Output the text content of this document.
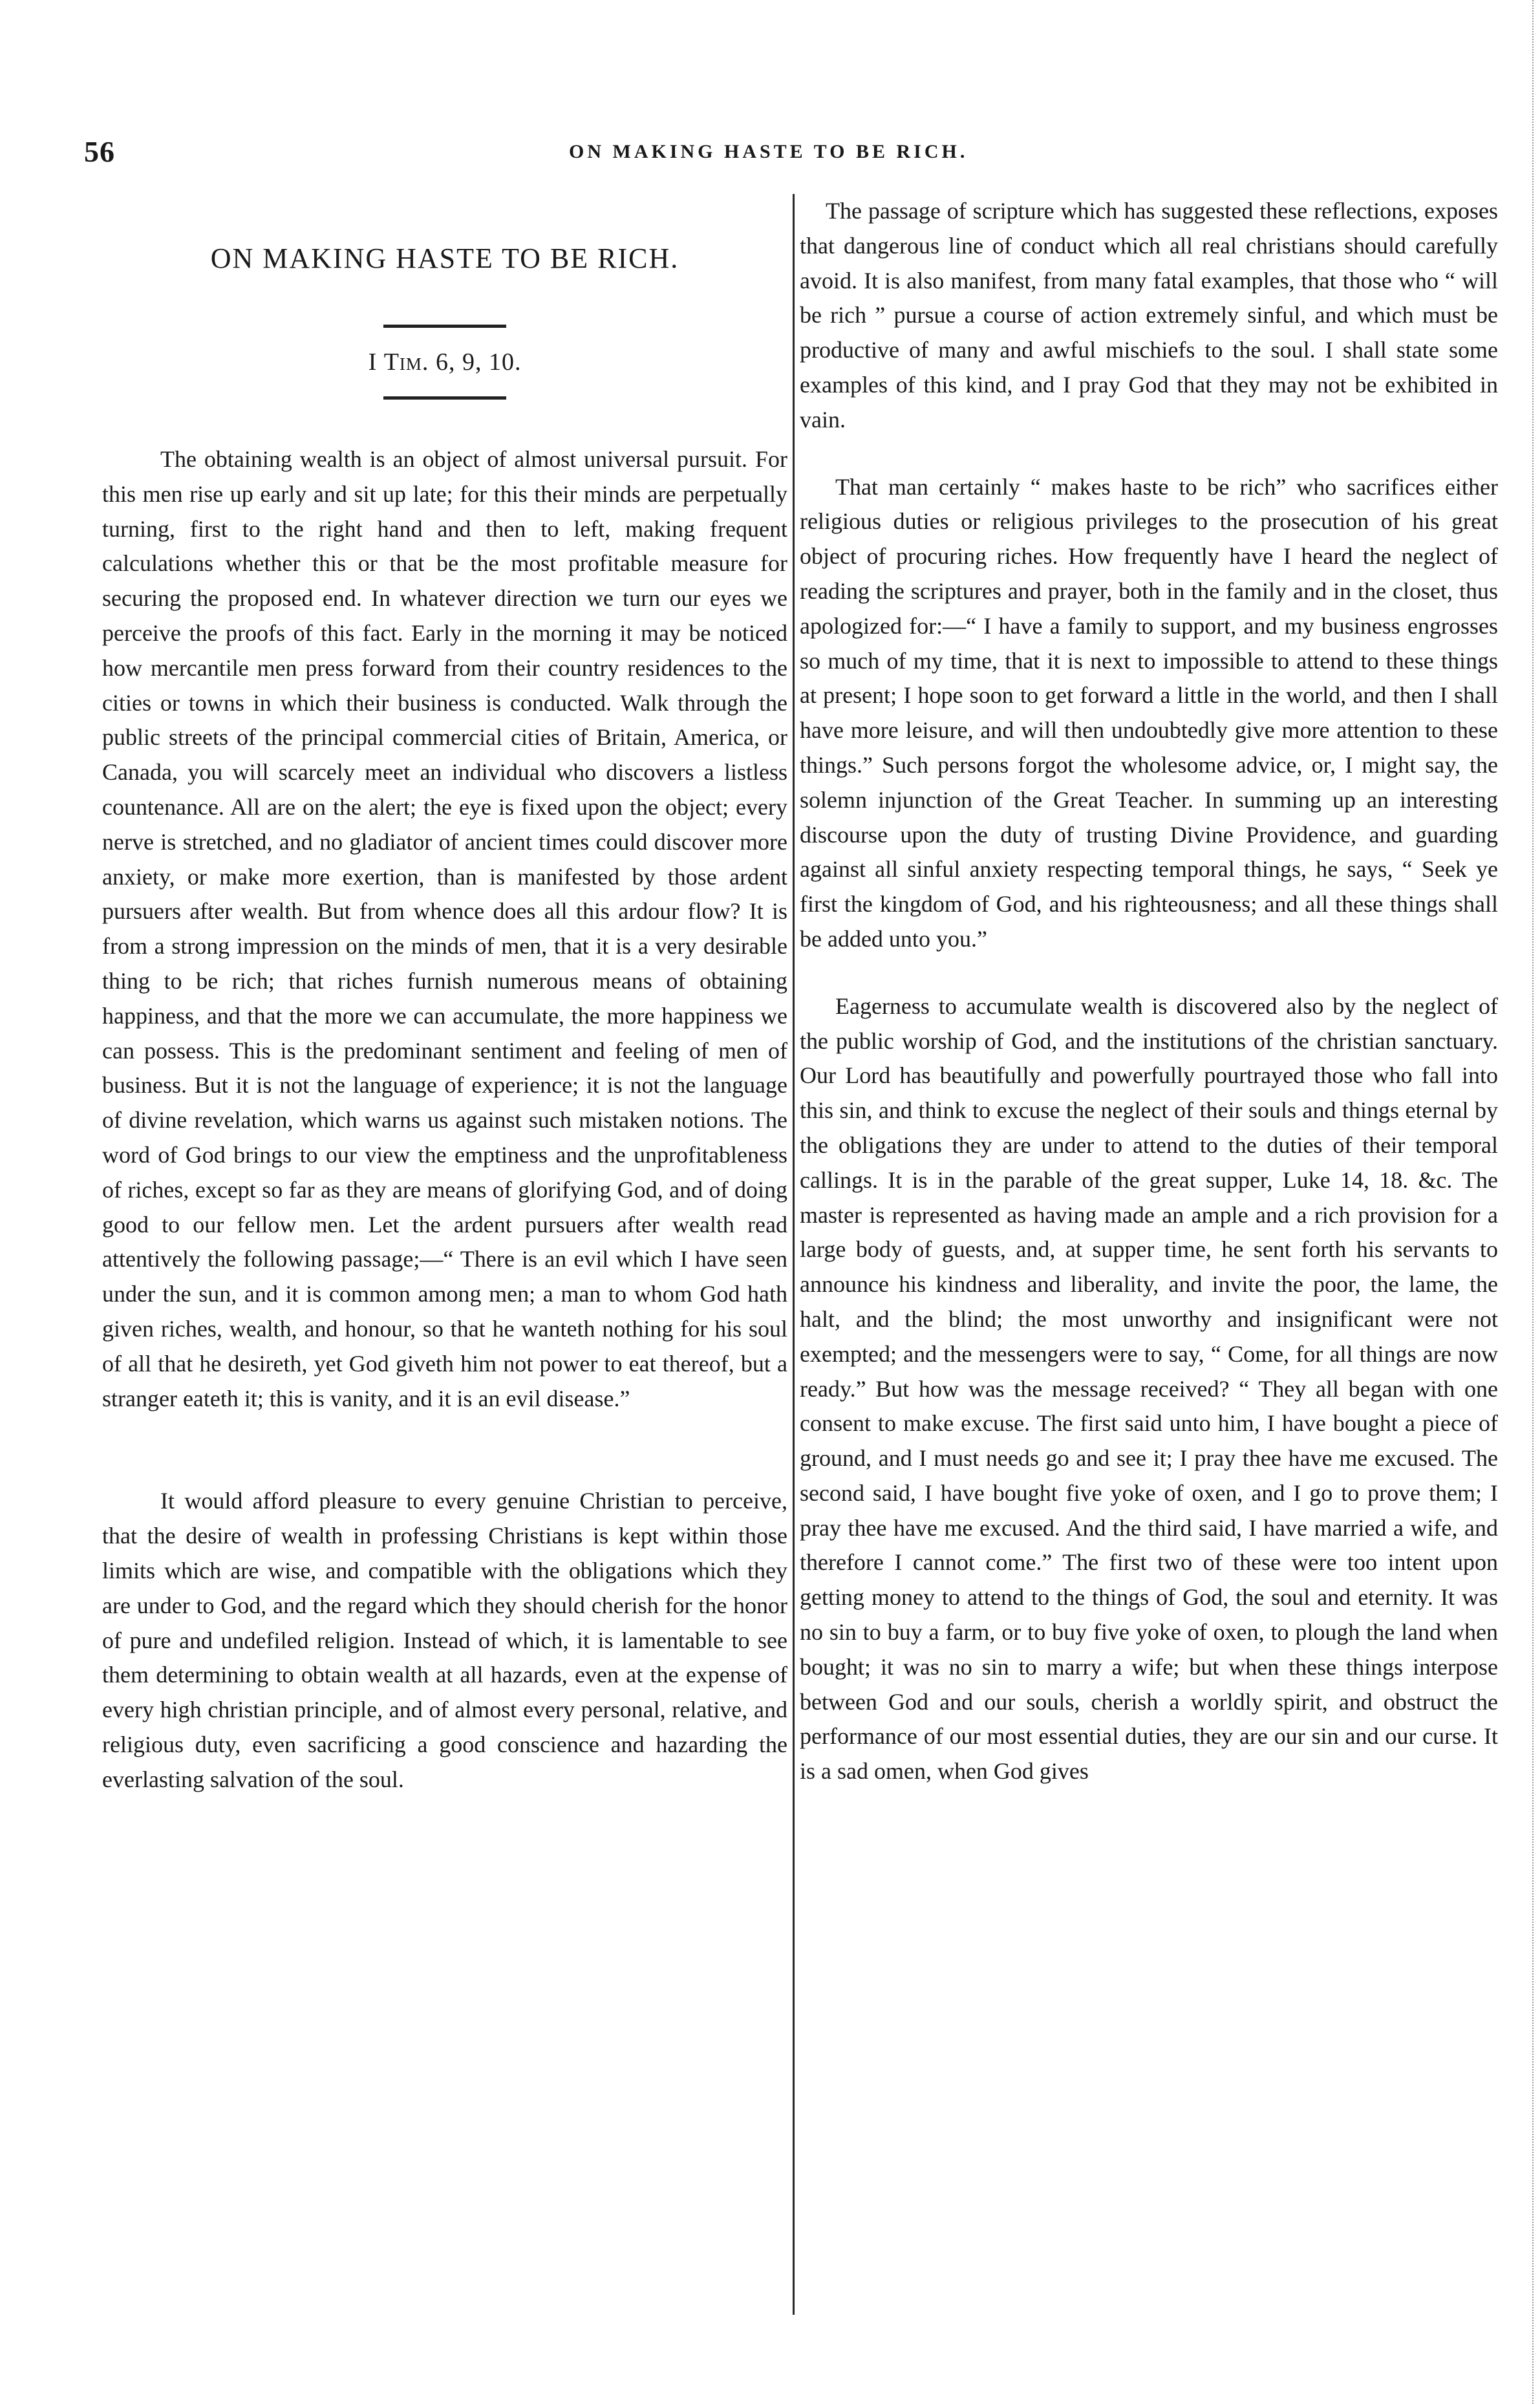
56	ON MAKING HASTE TO BE RICH.
ON MAKING HASTE TO BE RICH.
I Tim. 6, 9, 10.

The obtaining wealth is an object of almost universal pursuit. For this men rise up early and sit up late; for this their minds are perpetually turning, first to the right hand and then to left, making frequent calculations whether this or that be the most profitable measure for securing the proposed end. In whatever direction we turn our eyes we perceive the proofs of this fact. Early in the morning it may be noticed how mercantile men press forward from their country residences to the cities or towns in which their business is conducted. Walk through the public streets of the principal commercial cities of Britain, America, or Canada, you will scarcely meet an individual who discovers a listless countenance. All are on the alert; the eye is fixed upon the object; every nerve is stretched, and no gladiator of ancient times could discover more anxiety, or make more exertion, than is manifested by those ardent pursuers after wealth. But from whence does all this ardour flow? It is from a strong impression on the minds of men, that it is a very desirable thing to be rich; that riches furnish numerous means of obtaining happiness, and that the more we can accumulate, the more happiness we can possess. This is the predominant sentiment and feeling of men of business. But it is not the language of experience; it is not the language of divine revelation, which warns us against such mistaken notions. The word of God brings to our view the emptiness and the unprofitableness of riches, except so far as they are means of glorifying God, and of doing good to our fellow men. Let the ardent pursuers after wealth read attentively the following passage;—“ There is an evil which I have seen under the sun, and it is common among men; a man to whom God hath given riches, wealth, and honour, so that he wanteth nothing for his soul of all that he desireth, yet God giveth him not power to eat thereof, but a stranger eateth it; this is vanity, and it is an evil disease.”

It would afford pleasure to every genuine Christian to perceive, that the desire of wealth in professing Christians is kept within those limits which are wise, and compatible with the obligations which they are under to God, and the regard which they should cherish for the honor of pure and undefiled religion. Instead of which, it is lamentable to see them determining to obtain wealth at all hazards, even at the expense of every high christian principle, and of almost every personal, relative, and religious duty, even sacrificing a good conscience and hazarding the everlasting salvation of the soul.

The passage of scripture which has suggested these reflections, exposes that dangerous line of conduct which all real christians should carefully avoid. It is also manifest, from many fatal examples, that those who “ will be rich ” pursue a course of action extremely sinful, and which must be productive of many and awful mischiefs to the soul. I shall state some examples of this kind, and I pray God that they may not be exhibited in vain.

That man certainly “ makes haste to be rich” who sacrifices either religious duties or religious privileges to the prosecution of his great object of procuring riches. How frequently have I heard the neglect of reading the scriptures and prayer, both in the family and in the closet, thus apologized for:—“ I have a family to support, and my business engrosses so much of my time, that it is next to impossible to attend to these things at present; I hope soon to get forward a little in the world, and then I shall have more leisure, and will then undoubtedly give more attention to these things.” Such persons forgot the wholesome advice, or, I might say, the solemn injunction of the Great Teacher. In summing up an interesting discourse upon the duty of trusting Divine Providence, and guarding against all sinful anxiety respecting temporal things, he says, “ Seek ye first the kingdom of God, and his righteousness; and all these things shall be added unto you.”

Eagerness to accumulate wealth is discovered also by the neglect of the public worship of God, and the institutions of the christian sanctuary. Our Lord has beautifully and powerfully pourtrayed those who fall into this sin, and think to excuse the neglect of their souls and things eternal by the obligations they are under to attend to the duties of their temporal callings. It is in the parable of the great supper, Luke 14, 18. &c. The master is represented as having made an ample and a rich provision for a large body of guests, and, at supper time, he sent forth his servants to announce his kindness and liberality, and invite the poor, the lame, the halt, and the blind; the most unworthy and insignificant were not exempted; and the messengers were to say, “ Come, for all things are now ready.” But how was the message received? “ They all began with one consent to make excuse. The first said unto him, I have bought a piece of ground, and I must needs go and see it; I pray thee have me excused. The second said, I have bought five yoke of oxen, and I go to prove them; I pray thee have me excused. And the third said, I have married a wife, and therefore I cannot come.” The first two of these were too intent upon getting money to attend to the things of God, the soul and eternity. It was no sin to buy a farm, or to buy five yoke of oxen, to plough the land when bought; it was no sin to marry a wife; but when these things interpose between God and our souls, cherish a worldly spirit, and obstruct the performance of our most essential duties, they are our sin and our curse. It is a sad omen, when God gives
